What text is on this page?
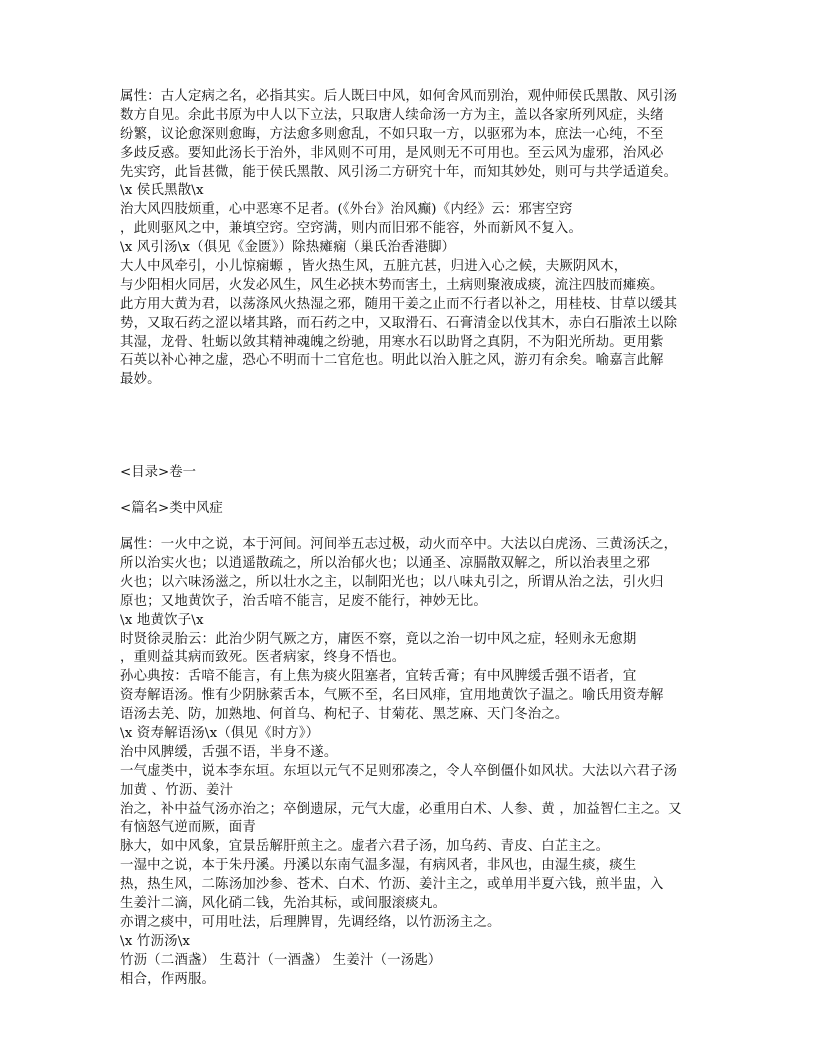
属性：古人定病之名，必指其实。后人既曰中风，如何舍风而别治，观仲师侯氏黑散、风引汤
数方自见。余此书原为中人以下立法，只取唐人续命汤一方为主，盖以各家所列风症，头绪
纷繁，议论愈深则愈晦，方法愈多则愈乱，不如只取一方，以驱邪为本，庶法一心纯，不至
多歧反惑。要知此汤长于治外，非风则不可用，是风则无不可用也。至云风为虚邪，治风必
先实窍，此旨甚微，能于侯氏黑散、风引汤二方研究十年，而知其妙处，则可与共学适道矣。
\x 侯氏黑散\x
治大风四肢烦重，心中恶寒不足者。(《外台》治风癫)《内经》云：邪害空窍
，此则驱风之中，兼填空窍。空窍满，则内而旧邪不能容，外而新风不复入。
\x 风引汤\x（俱见《金匮》）除热瘫痫（巢氏治香港脚）
大人中风牵引，小儿惊痫螈 ，皆火热生风，五脏亢甚，归进入心之候，夫厥阴风木，
与少阳相火同居，火发必风生，风生必挟木势而害土，土病则聚液成痰，流注四肢而瘫痪。
此方用大黄为君，以荡涤风火热湿之邪，随用干姜之止而不行者以补之，用桂枝、甘草以缓其
势，又取石药之涩以堵其路，而石药之中，又取滑石、石膏清金以伐其木，赤白石脂浓土以除
其湿，龙骨、牡蛎以敛其精神魂魄之纷驰，用寒水石以助肾之真阴，不为阳光所劫。更用紫
石英以补心神之虚，恐心不明而十二官危也。明此以治入脏之风，游刃有余矣。喻嘉言此解
最妙。
<目录>卷一
<篇名>类中风症
属性：一火中之说，本于河间。河间举五志过极，动火而卒中。大法以白虎汤、三黄汤沃之，
所以治实火也；以逍遥散疏之，所以治郁火也；以通圣、凉膈散双解之，所以治表里之邪
火也；以六味汤滋之，所以壮水之主，以制阳光也；以八味丸引之，所谓从治之法，引火归
原也；又地黄饮子，治舌喑不能言，足废不能行，神妙无比。
\x 地黄饮子\x
时贤徐灵胎云：此治少阴气厥之方，庸医不察，竟以之治一切中风之症，轻则永无愈期
，重则益其病而致死。医者病家，终身不悟也。
孙心典按：舌喑不能言，有上焦为痰火阻塞者，宜转舌膏；有中风脾缓舌强不语者，宜
资寿解语汤。惟有少阴脉萦舌本，气厥不至，名曰风痱，宜用地黄饮子温之。喻氏用资寿解
语汤去羌、防，加熟地、何首乌、枸杞子、甘菊花、黑芝麻、天门冬治之。
\x 资寿解语汤\x（俱见《时方》）
治中风脾缓，舌强不语，半身不遂。
一气虚类中，说本李东垣。东垣以元气不足则邪凑之，令人卒倒僵仆如风状。大法以六君子汤
加黄 、竹沥、姜汁
治之，补中益气汤亦治之；卒倒遗尿，元气大虚，必重用白术、人参、黄 ，加益智仁主之。又
有恼怒气逆而厥，面青
脉大，如中风象，宜景岳解肝煎主之。虚者六君子汤，加乌药、青皮、白芷主之。
一湿中之说，本于朱丹溪。丹溪以东南气温多湿，有病风者，非风也，由湿生痰，痰生
热，热生风，二陈汤加沙参、苍术、白术、竹沥、姜汁主之，或单用半夏六钱，煎半盅，入
生姜汁二滴，风化硝二钱，先治其标，或间服滚痰丸。
亦谓之痰中，可用吐法，后理脾胃，先调经络，以竹沥汤主之。
\x 竹沥汤\x
竹沥（二酒盏） 生葛汁（一酒盏） 生姜汁（一汤匙）
相合，作两服。
